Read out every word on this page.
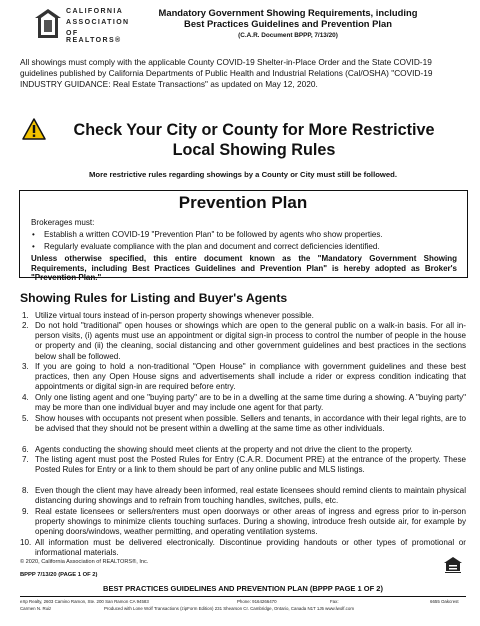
CALIFORNIA
ASSOCIATION
OF REALTORS®
Mandatory Government Showing Requirements, including
Best Practices Guidelines and Prevention Plan
(C.A.R. Document BPPP, 7/13/20)
All showings must comply with the applicable County COVID-19 Shelter-in-Place Order and the State COVID-19 guidelines published by California Departments of Public Health and Industrial Relations (Cal/OSHA) "COVID-19 INDUSTRY GUIDANCE: Real Estate Transactions" as updated on May 12, 2020.
Check Your City or County for More Restrictive
Local Showing Rules
More restrictive rules regarding showings by a County or City must still be followed.
Prevention Plan
Brokerages must:
• Establish a written COVID-19 "Prevention Plan" to be followed by agents who show properties.
• Regularly evaluate compliance with the plan and document and correct deficiencies identified.
Unless otherwise specified, this entire document known as the "Mandatory Government Showing Requirements, including Best Practices Guidelines and Prevention Plan" is hereby adopted as Broker's "Prevention Plan."
Showing Rules for Listing and Buyer's Agents
1. Utilize virtual tours instead of in-person property showings whenever possible.
2. Do not hold "traditional" open houses or showings which are open to the general public on a walk-in basis. For all in-person visits, (i) agents must use an appointment or digital sign-in process to control the number of people in the house or property and (ii) the cleaning, social distancing and other government guidelines and best practices in the sections below shall be followed.
3. If you are going to hold a non-traditional "Open House" in compliance with government guidelines and these best practices, then any Open House signs and advertisements shall include a rider or express condition indicating that appointments or digital sign-in are required before entry.
4. Only one listing agent and one "buying party" are to be in a dwelling at the same time during a showing. A "buying party" may be more than one individual buyer and may include one agent for that party.
5. Show houses with occupants not present when possible. Sellers and tenants, in accordance with their legal rights, are to be advised that they should not be present within a dwelling at the same time as other individuals.
6. Agents conducting the showing should meet clients at the property and not drive the client to the property.
7. The listing agent must post the Posted Rules for Entry (C.A.R. Document PRE) at the entrance of the property. These Posted Rules for Entry or a link to them should be part of any online public and MLS listings.
8. Even though the client may have already been informed, real estate licensees should remind clients to maintain physical distancing during showings and to refrain from touching handles, switches, pulls, etc.
9. Real estate licensees or sellers/renters must open doorways or other areas of ingress and egress prior to in-person property showings to minimize clients touching surfaces. During a showing, introduce fresh outside air, for example by opening doors/windows, weather permitting, and operating ventilation systems.
10. All information must be delivered electronically. Discontinue providing handouts or other types of promotional or informational materials.
© 2020, California Association of REALTORS®, Inc.
BPPP 7/13/20 (PAGE 1 OF 2)
BEST PRACTICES GUIDELINES AND PREVENTION PLAN (BPPP PAGE 1 OF 2)
eXp Realty, 2603 Camino Ramon, Ste. 200 San Ramon CA 94583	Phone: 9164266470	Fax:	6655 Oakcrest
Carmen N. Ruiz	Produced with Lone Wolf Transactions (zipForm Edition) 231 Shearson Cr. Cambridge, Ontario, Canada N1T 1J5 www.lwolf.com
